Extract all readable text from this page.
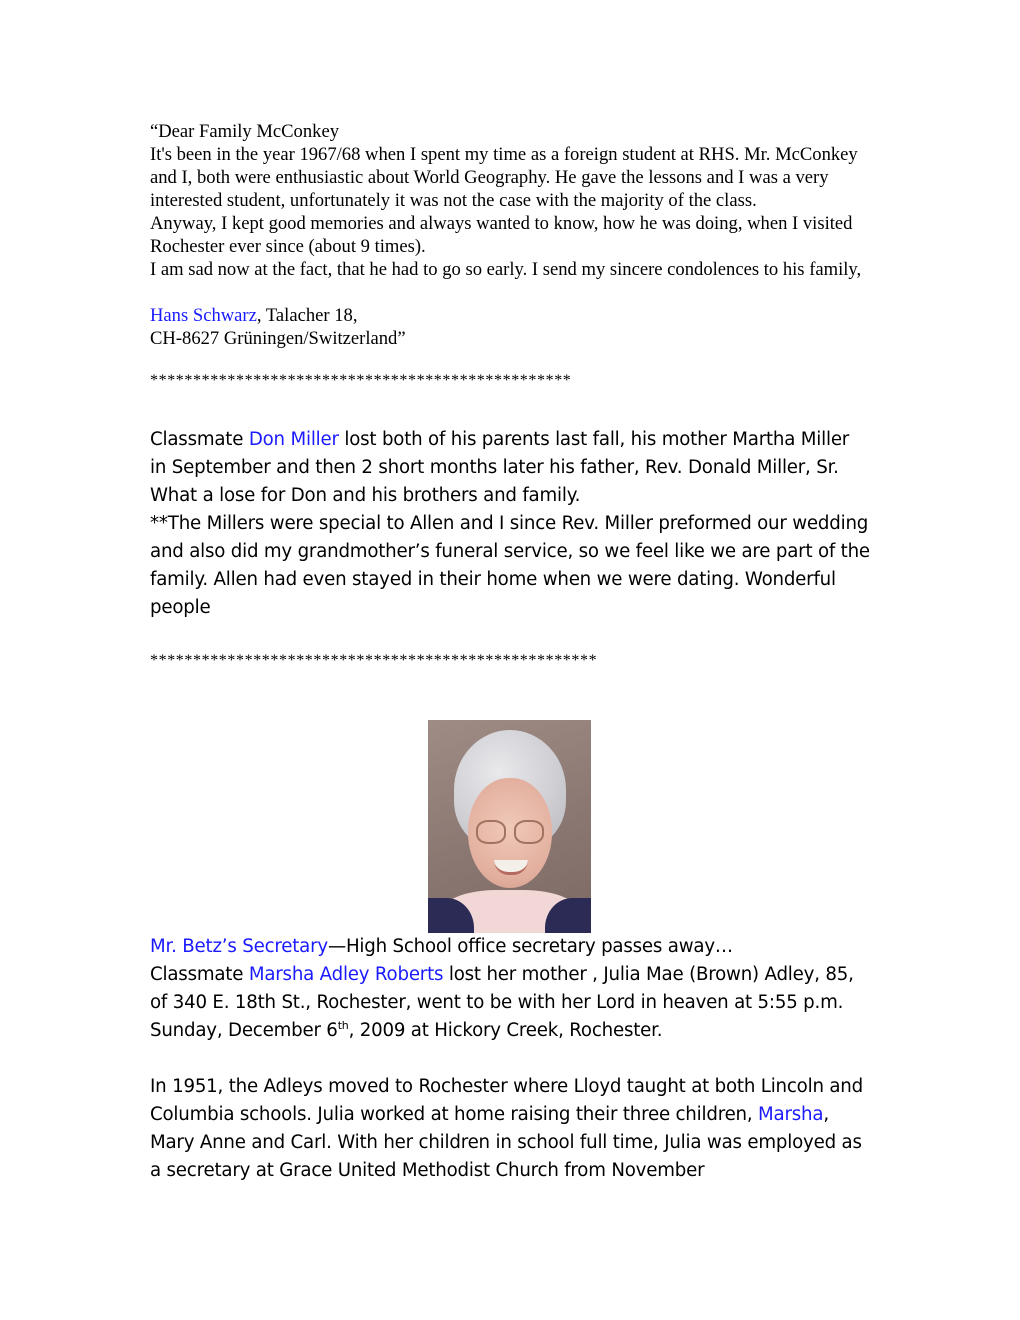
“Dear Family McConkey

It's been in the year 1967/68 when I spent my time as a foreign student at RHS. Mr. McConkey and I, both were enthusiastic about World Geography. He gave the lessons and I was a very interested student, unfortunately it was not the case with the majority of the class.

Anyway, I kept good memories and always wanted to know, how he was doing, when I visited Rochester ever since (about 9 times).

I am sad now at the fact, that he had to go so early. I send my sincere condolences to his family,

Hans Schwarz, Talacher 18,

CH-8627 Grüningen/Switzerland”

*************************************************

Classmate Don Miller lost both of his parents last fall, his mother Martha Miller in September and then 2 short months later his father, Rev. Donald Miller, Sr. What a lose for Don and his brothers and family.

**The Millers were special to Allen and I since Rev. Miller preformed our wedding and also did my grandmother’s funeral service, so we feel like we are part of the family. Allen had even stayed in their home when we were dating. Wonderful people

****************************************************

Mr. Betz’s Secretary—High School office secretary passes away…

Classmate Marsha Adley Roberts lost her mother , Julia Mae (Brown) Adley, 85, of 340 E. 18th St., Rochester, went to be with her Lord in heaven at 5:55 p.m. Sunday, December 6th, 2009 at Hickory Creek, Rochester.

In 1951, the Adleys moved to Rochester where Lloyd taught at both Lincoln and Columbia schools. Julia worked at home raising their three children, Marsha, Mary Anne and Carl. With her children in school full time, Julia was employed as a secretary at Grace United Methodist Church from November
